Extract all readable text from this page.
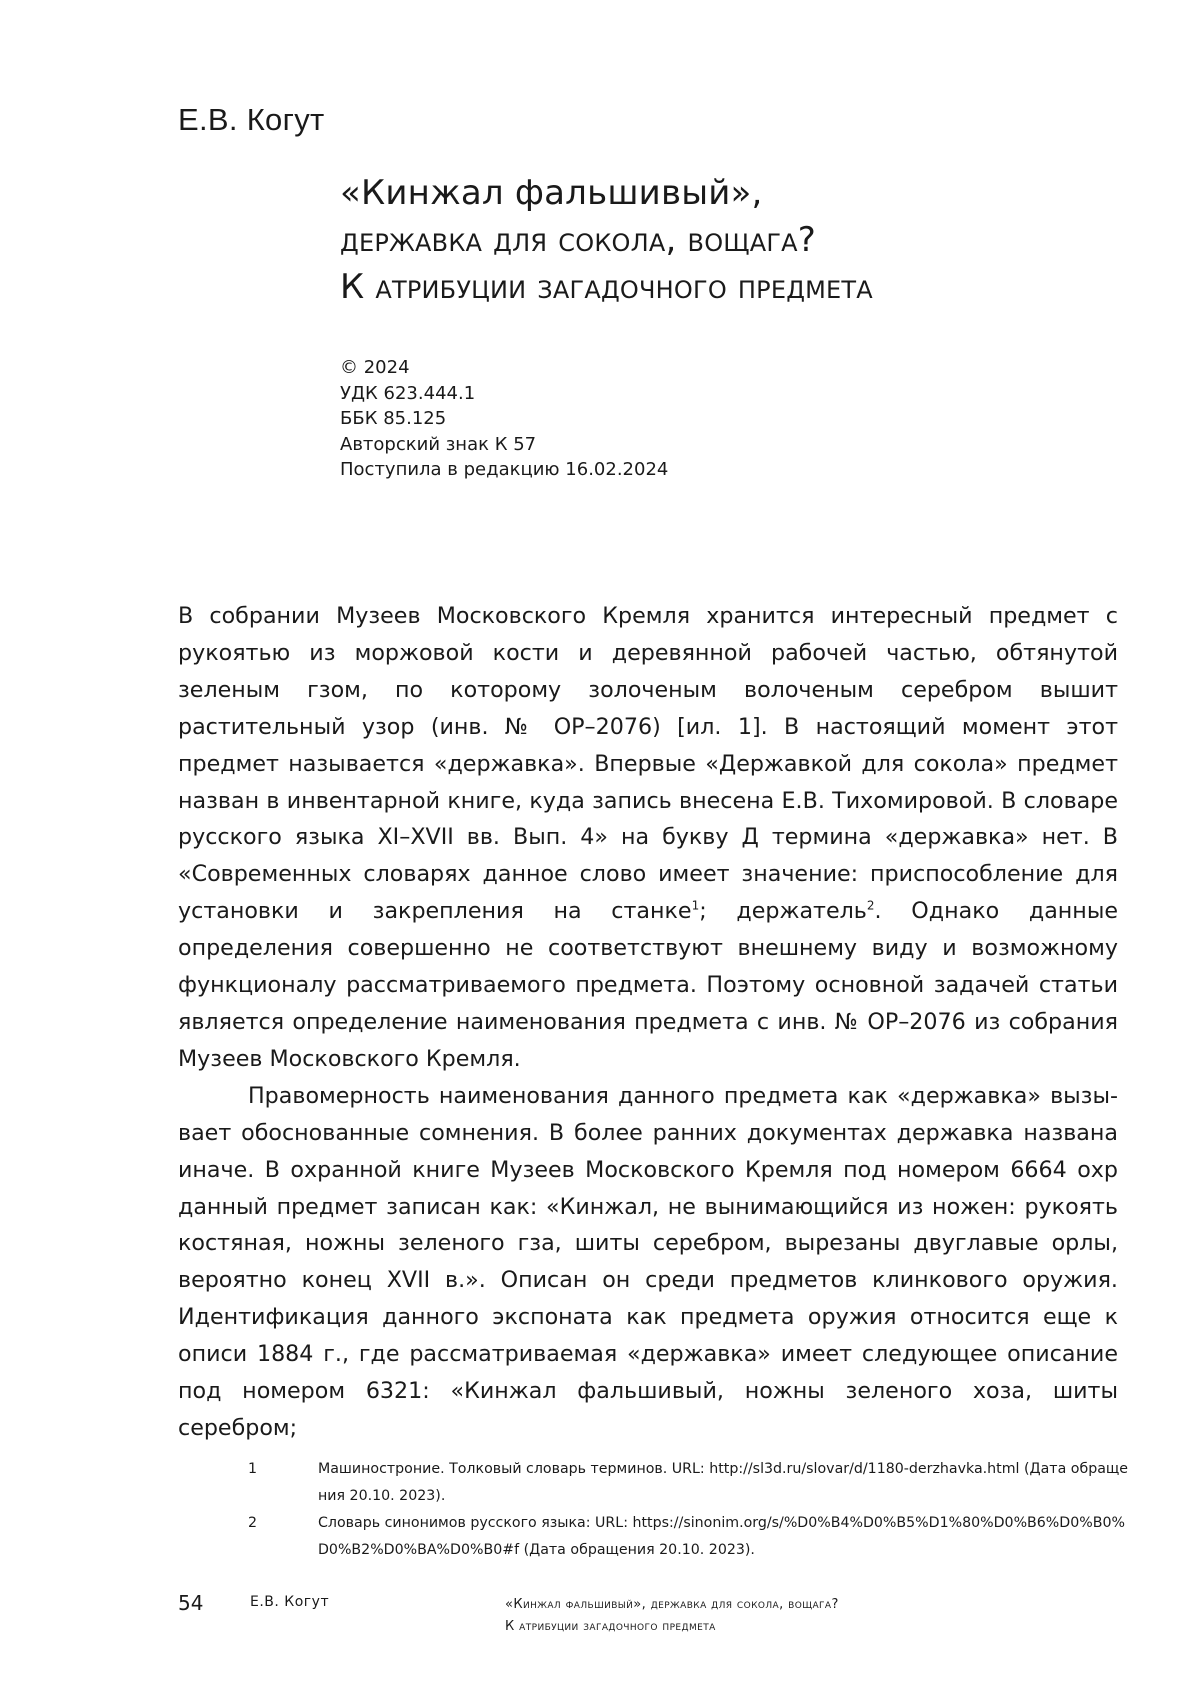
Е.В. Когут
«Кинжал фальшивый»,
державка для сокола, вощага?
К атрибуции загадочного предмета
© 2024
УДК 623.444.1
ББК 85.125
Авторский знак К 57
Поступила в редакцию 16.02.2024

В собрании Музеев Московского Кремля хранится интересный предмет с рукоятью из моржовой кости и деревянной рабочей частью, обтянутой зеленым гзом, по которому золоченым волоченым серебром вышит растительный узор (инв. № ОР–2076) [ил. 1]. В настоящий момент этот предмет называется «державка». Впервые «Державкой для сокола» предмет назван в инвентарной книге, куда запись внесена Е.В. Тихомировой. В словаре русского языка XI–XVII вв. Вып. 4» на букву Д термина «державка» нет. В «Современных словарях данное слово имеет значение: приспособление для установки и закрепления на станке$^1$; держатель$^2$. Однако данные определения совершенно не соответствуют внешнему виду и возможному функционалу рассматриваемого предмета. Поэтому основной задачей статьи является определение наименования предмета с инв. № ОР–2076 из собрания Музеев Московского Кремля.

Правомерность наименования данного предмета как «державка» вызывает обоснованные сомнения. В более ранних документах державка названа иначе. В охранной книге Музеев Московского Кремля под номером 6664 охр данный предмет записан как: «Кинжал, не вынимающийся из ножен: рукоять костяная, ножны зеленого гза, шиты серебром, вырезаны двуглавые орлы, вероятно конец XVII в.». Описан он среди предметов клинкового оружия. Идентификация данного экспоната как предмета оружия относится еще к описи 1884 г., где рассматриваемая «державка» имеет следующее описание под номером 6321: «Кинжал фальшивый, ножны зеленого хоза, шиты серебром;

1	Машиностроние. Толковый словарь терминов. URL: http://sl3d.ru/slovar/d/1180-derzhavka.html (Дата обращения 20.10. 2023).
2	Словарь синонимов русского языка: URL: https://sinonim.org/s/%D0%B4%D0%B5%D1%80%D0%B6%D0%B0%D0%B2%D0%BA%D0%B0#f (Дата обращения 20.10. 2023).
54	Е.В. Когут	«Кинжал фальшивый», державка для сокола, вощага?
К атрибуции загадочного предмета
